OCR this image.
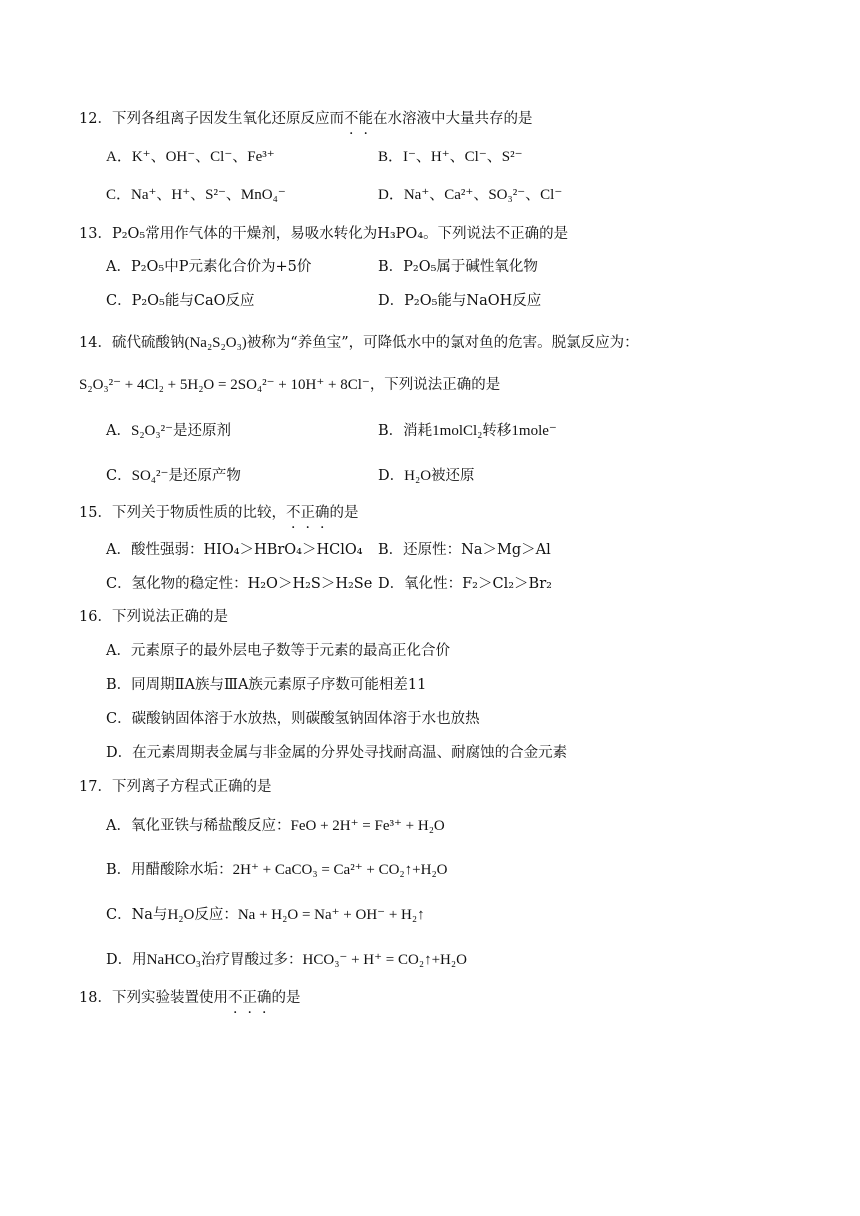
12．下列各组离子因发生氧化还原反应而不能在水溶液中大量共存的是
A．K⁺、OH⁻、Cl⁻、Fe³⁺	B．I⁻、H⁺、Cl⁻、S²⁻
C．Na⁺、H⁺、S²⁻、MnO₄⁻	D．Na⁺、Ca²⁺、SO₃²⁻、Cl⁻
13．P₂O₅常用作气体的干燥剂，易吸水转化为H₃PO₄。下列说法不正确的是
A．P₂O₅中P元素化合价为+5价	B．P₂O₅属于碱性氧化物
C．P₂O₅能与CaO反应	D．P₂O₅能与NaOH反应
14．硫代硫酸钠(Na₂S₂O₃)被称为“养鱼宝”，可降低水中的氯对鱼的危害。脱氯反应为：
S₂O₃²⁻ + 4Cl₂ + 5H₂O = 2SO₄²⁻ + 10H⁺ + 8Cl⁻，下列说法正确的是
A．S₂O₃²⁻是还原剂	B．消耗1molCl₂转移1mole⁻
C．SO₄²⁻是还原产物	D．H₂O被还原
15．下列关于物质性质的比较，不正确的是
A．酸性强弱：HIO₄＞HBrO₄＞HClO₄ B．还原性：Na＞Mg＞Al
C．氢化物的稳定性：H₂O＞H₂S＞H₂Se D．氧化性：F₂＞Cl₂＞Br₂
16．下列说法正确的是
A．元素原子的最外层电子数等于元素的最高正化合价
B．同周期ⅡA族与ⅢA族元素原子序数可能相差11
C．碳酸钠固体溶于水放热，则碳酸氢钠固体溶于水也放热
D．在元素周期表金属与非金属的分界处寻找耐高温、耐腐蚀的合金元素
17．下列离子方程式正确的是
A．氧化亚铁与稀盐酸反应：FeO + 2H⁺ = Fe³⁺ + H₂O
B．用醋酸除水垢：2H⁺ + CaCO₃ = Ca²⁺ + CO₂↑+H₂O
C．Na与H₂O反应：Na + H₂O = Na⁺ + OH⁻ + H₂↑
D．用NaHCO₃治疗胃酸过多：HCO₃⁻ + H⁺ = CO₂↑+H₂O
18．下列实验装置使用不正确的是
